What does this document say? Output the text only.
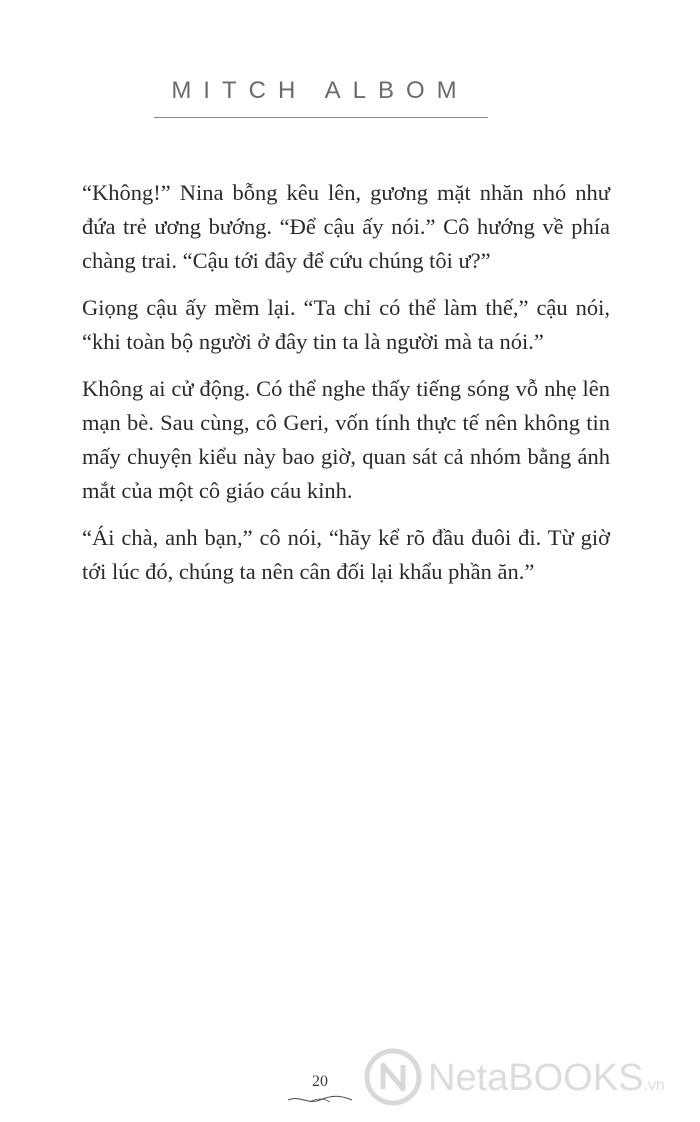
MITCH ALBOM

“Không!” Nina bỗng kêu lên, gương mặt nhăn nhó như đứa trẻ ương bướng. “Để cậu ấy nói.” Cô hướng về phía chàng trai. “Cậu tới đây để cứu chúng tôi ư?”

Giọng cậu ấy mềm lại. “Ta chỉ có thể làm thế,” cậu nói, “khi toàn bộ người ở đây tin ta là người mà ta nói.”

Không ai cử động. Có thể nghe thấy tiếng sóng vỗ nhẹ lên mạn bè. Sau cùng, cô Geri, vốn tính thực tế nên không tin mấy chuyện kiểu này bao giờ, quan sát cả nhóm bằng ánh mắt của một cô giáo cáu kỉnh.

“Ái chà, anh bạn,” cô nói, “hãy kể rõ đầu đuôi đi. Từ giờ tới lúc đó, chúng ta nên cân đối lại khẩu phần ăn.”

20	NetaBOOKS.vn
